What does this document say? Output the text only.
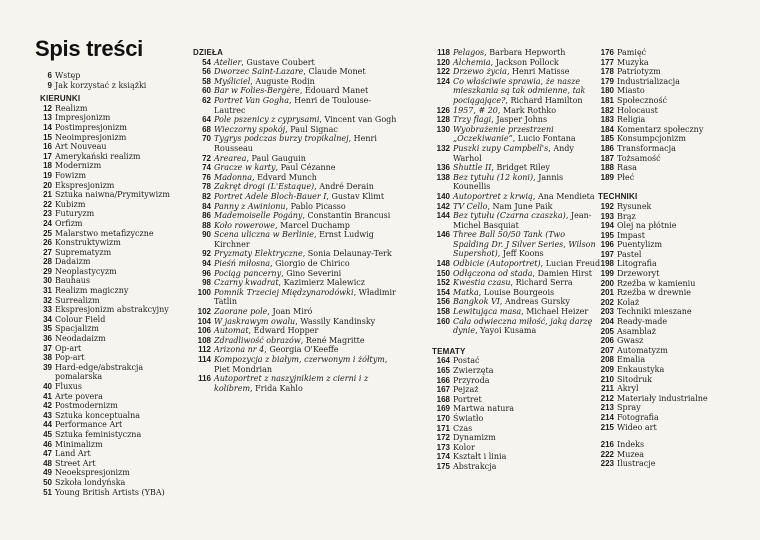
Spis treści
6 Wstęp
9 Jak korzystać z książki
KIERUNKI
12 Realizm
13 Impresjonizm
14 Postimpresjonizm
15 Neoimpresjonizm
16 Art Nouveau
17 Amerykański realizm
18 Modernizm
19 Fowizm
20 Ekspresjonizm
21 Sztuka naiwna/Prymitywizm
22 Kubizm
23 Futuryzm
24 Orfizm
25 Malarstwo metafizyczne
26 Konstruktywizm
27 Suprematyzm
28 Dadaizm
29 Neoplastycyzm
30 Bauhaus
31 Realizm magiczny
32 Surrealizm
33 Ekspresjonizm abstrakcyjny
34 Colour Field
35 Spacjalizm
36 Neodadaizm
37 Op-art
38 Pop-art
39 Hard-edge/abstrakcja pomalarska
40 Fluxus
41 Arte povera
42 Postmodernizm
43 Sztuka konceptualna
44 Performance Art
45 Sztuka feministyczna
46 Minimalizm
47 Land Art
48 Street Art
49 Neoekspresjonizm
50 Szkoła londyńska
51 Young British Artists (YBA)
DZIEŁA
54 Atelier, Gustave Coubert
56 Dworzec Saint-Lazare, Claude Monet
58 Myśliciel, Auguste Rodin
60 Bar w Folies-Bergère, Édouard Manet
62 Portret Van Gogha, Henri de Toulouse-Lautrec
64 Pole pszenicy z cyprysami, Vincent van Gogh
68 Wieczorny spokój, Paul Signac
70 Tygrys podczas burzy tropikalnej, Henri Rousseau
72 Arearea, Paul Gauguin
74 Gracze w karty, Paul Cézanne
76 Madonna, Edvard Munch
78 Zakręt drogi (L'Estaque), André Derain
82 Portret Adele Bloch-Bauer I, Gustav Klimt
84 Panny z Awinionu, Pablo Picasso
86 Mademoiselle Pogány, Constantin Brancusi
88 Koło rowerowe, Marcel Duchamp
90 Scena uliczna w Berlinie, Ernst Ludwig Kirchner
92 Pryzmaty Elektryczne, Sonia Delaunay-Terk
94 Pieśń miłosna, Giorgio de Chirico
96 Pociąg pancerny, Gino Severini
98 Czarny kwadrat, Kazimierz Malewicz
100 Pomnik Trzeciej Międzynarodówki, Władimir Tatlin
102 Zaorane pole, Joan Miró
104 W jaskrawym owalu, Wassily Kandinsky
106 Automat, Edward Hopper
108 Zdradliwość obrazów, René Magritte
112 Arizona nr 4, Georgia O'Keeffe
114 Kompozycja z białym, czerwonym i żółtym, Piet Mondrian
116 Autoportret z naszyjnikiem z cierni i z kolibrem, Frida Kahlo
118 Pelagos, Barbara Hepworth
120 Alchemia, Jackson Pollock
122 Drzewo życia, Henri Matisse
124 Co właściwie sprawia, że nasze mieszkania są tak odmienne, tak pociągające?, Richard Hamilton
126 1957, # 20, Mark Rothko
128 Trzy flagi, Jasper Johns
130 Wyobrażenie przestrzeni „Oczekiwanie”, Lucio Fontana
132 Puszki zupy Campbell's, Andy Warhol
136 Shuttle II, Bridget Riley
138 Bez tytułu (12 koni), Jannis Kounellis
140 Autoportret z krwią, Ana Mendieta
142 TV Cello, Nam June Paik
144 Bez tytułu (Czarna czaszka), Jean-Michel Basquiat
146 Three Ball 50/50 Tank (Two Spalding Dr. J Silver Series, Wilson Supershot), Jeff Koons
148 Odbicie (Autoportret), Lucian Freud
150 Odłączona od stada, Damien Hirst
152 Kwestia czasu, Richard Serra
154 Matka, Louise Bourgeois
156 Bangkok VI, Andreas Gursky
158 Lewitująca masa, Michael Heizer
160 Cała odwieczna miłość, jaką darzę dynie, Yayoi Kusama
TEMATY
164 Postać
165 Zwierzęta
166 Przyroda
167 Pejzaż
168 Portret
169 Martwa natura
170 Światło
171 Czas
172 Dynamizm
173 Kolor
174 Kształt i linia
175 Abstrakcja
176 Pamięć
177 Muzyka
178 Patriotyzm
179 Industrializacja
180 Miasto
181 Społeczność
182 Holocaust
183 Religia
184 Komentarz społeczny
185 Konsumpcjonizm
186 Transformacja
187 Tożsamość
188 Rasa
189 Płeć
TECHNIKI
192 Rysunek
193 Brąz
194 Olej na płótnie
195 Impast
196 Puentylizm
197 Pastel
198 Litografia
199 Drzeworyt
200 Rzeźba w kamieniu
201 Rzeźba w drewnie
202 Kolaż
203 Techniki mieszane
204 Ready-made
205 Asamblaż
206 Gwasz
207 Automatyzm
208 Emalia
209 Enkaustyka
210 Sitodruk
211 Akryl
212 Materiały industrialne
213 Spray
214 Fotografia
215 Wideo art
216 Indeks
222 Muzea
223 Ilustracje
